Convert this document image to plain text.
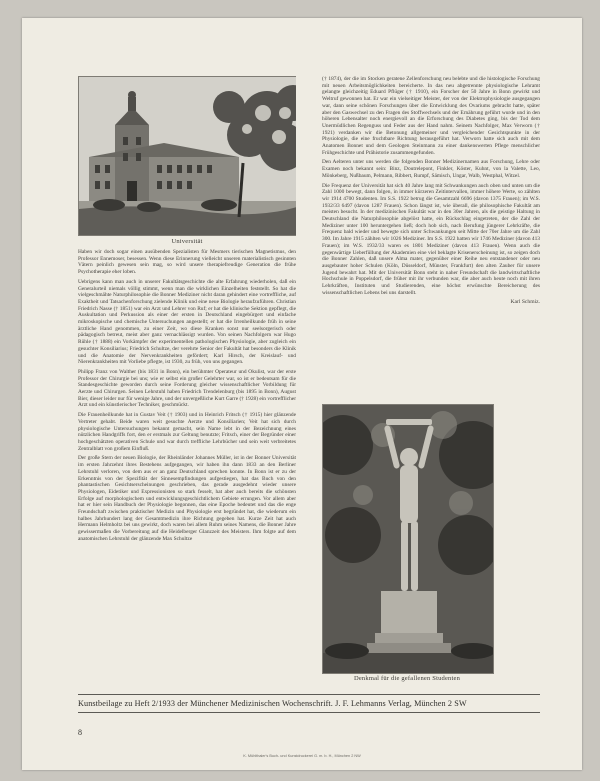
Universität

Haben wir doch sogar einen ausübenden Spezialisten für Mesmers tierischen Magnetismus, den Professor Ennemoser, besessen. Wenn diese Erinnerung vielleicht unseren materialistisch gesinnten Vätern peinlich gewesen sein mag, so wird unsere therapiefreudige Generation die frühe Psychotherapie eher loben.

Uebrigens kann man auch in unserer Fakultätsgeschichte die alte Erfahrung wiederholen, daß ein Generalurteil niemals völlig stimmt, wenn man die wirklichen Einzelheiten feststellt. So hat die vielgeschmähte Naturphilosophie die Bonner Mediziner nicht daran gehindert eine vortreffliche, auf Exaktheit und Tatsachenforschung zielende Klinik und eine neue Biologie heraufzuführen. Christian Friedrich Nasse († 1851) war ein Arzt und Lehrer von Ruf; er hat die klinische Sektion gepflegt, die Auskultation und Perkussion als einer der ersten in Deutschland eingebürgert und einfache mikroskopische und chemische Untersuchungen angestellt; er hat die Irrenheilkunde früh in seine ärztliche Hand genommen, zu einer Zeit, wo diese Kranken sonst nur seelsorgerisch oder pädagogisch betreut, meist aber ganz vernachlässigt wurden. Von seinen Nachfolgern war Hugo Rühle († 1888) ein Vorkämpfer der experimentellen pathologischen Physiologie, aber zugleich ein gesuchter Konsiliarius; Friedrich Schultze, der verehrte Senior der Fakultät hat besonders die Klinik und die Anatomie der Nervenkrankheiten gefördert; Karl Hirsch, der Kreislauf- und Nierenkrankheiten mit Vorliebe pflegte, ist 1930, zu früh, von uns gegangen.

Philipp Franz von Walther (bis 1831 in Bonn), ein berühmter Operateur und Okulist, war der erste Professor der Chirurgie bei uns; wie er selbst ein großer Gelehrter war, so ist er bedeutsam für die Standesgeschichte geworden durch seine Forderung gleicher wissenschaftlicher Vorbildung für Aerzte und Chirurgen. Seinen Lehrstuhl haben Friedrich Trendelenburg (bis 1895 in Bonn), August Bier, dieser leider nur für wenige Jahre, und der unvergeßliche Kurt Garre († 1928) ein vortrefflicher Arzt und ein künstlerischer Techniker, geschmückt.

Die Frauenheilkunde hat in Gustav Veit († 1903) und in Heinrich Fritsch († 1915) hier glänzende Vertreter gehabt. Beide waren weit gesuchte Aerzte und Konsiliarien; Veit hat sich durch physiologische Untersuchungen bekannt gemacht, sein Name lebt in der Bezeichnung eines nützlichen Handgriffs fort, den er erstmals zur Geltung benutzte; Fritsch, einer der Begründer einer hochgeschätzten operativen Schule und war durch treffliche Lehrbücher und sein weit verbreitetes Zentralblatt von großem Einfluß.

Der große Stern der neuen Biologie, der Rheinländer Johannes Müller, ist in der Bonner Universität im ersten Jahrzehnt ihres Bestehens aufgegangen, wir haben ihn dann 1833 an den Berliner Lehrstuhl verloren, von dem aus er an ganz Deutschland sprechen konnte. In Bonn ist er zu der Erkenntnis von der Spezifität der Sinnesempfindungen aufgestiegen, hat das Buch von den phantastischen Gesichtserscheinungen geschrieben, das gerade ausgedehnt wieder unsere Physiologen, Eidetiker und Expressionisten so stark fesselt, hat aber auch bereits die schönsten Erfolge auf morphologischem und entwicklungsgeschichtlichem Gebiete errungen. Vor allem aber hat er hier sein Handbuch der Physiologie begonnen, das eine Epoche bedeutet und das die enge Freundschaft zwischen praktischer Medizin und Physiologie erst begründet hat, die wiederum ein halbes Jahrhundert lang der Gesamtmedizin ihre Richtung gegeben hat. Kurze Zeit hat auch Hermann Helmholtz bei uns gewirkt, doch waren bei allem Ruhm seines Namens, die Bonner Jahre gewissermaßen die Vorbereitung auf die Heidelberger Glanzzeit des Meisters. Ihm folgte auf dem anatomischen Lehrstuhl der glänzende Max Schultze

(† 1874), der die im Stocken geratene Zellenforschung neu belebte und die histologische Forschung mit neuen Arbeitsmöglichkeiten bereicherte. In das neu abgetrennte physiologische Lehramt gelangte gleichzeitig Eduard Pflüger († 1910), ein Forscher der 50 Jahre in Bonn gewirkt und Weltruf gewonnen hat. Er war ein vielseitiger Meister, der von der Elektrophysiologie ausgegangen war, dann seine schönen Forschungen über die Entwicklung des Ovariums gebracht hatte, später aber den Gaswechsel zu den Fragen des Stoffwechsels und der Ernährung geführt wurde und in den höheren Lebensalter noch energievoll an die Erforschung des Diabetes ging, bis der Tod dem Unermüdlichen Regenguss und Feder aus der Hand nahm. Seinem Nachfolger, Max Verworn († 1921) verdanken wir die Betonung allgemeiner und vergleichender Gesichtspunkte in der Physiologie, die eine fruchtbare Richtung herausgeführt hat. Verworn hatte sich auch mit dem Anatomen Bonnet und dem Geologen Steinmann zu einer dankenswerten Pflege menschlicher Frühgeschichte und Prähistorie zusammengefunden.

Den Aelteren unter uns werden die folgenden Bonner Medizinernamen aus Forschung, Lehre oder Examen noch bekannt sein: Binz, Doutrelepont, Finkler, Köster, Kuhnt, von la Valette, Leo, Mönkeberg, Nußbaum, Pelmann, Ribbert, Rumpf, Sämisch, Ungar, Walb, Westphal, Witzel.

Die Frequenz der Universität hat sich 40 Jahre lang mit Schwankungen auch oben und unten um die Zahl 1000 bewegt, dann folgen, in immer kürzeren Zeitintervallen, immer höhere Werte, so zählten wir 1914 4700 Studenten. Im S.S. 1922 betrug die Gesamtzahl 6696 (davon 1375 Frauen); im W.S. 1932/33 6497 (davon 1287 Frauen). Schon längst ist, wie überall, die philosophische Fakultät am meisten besucht. In der medizinischen Fakultät war in den 30er Jahren, als die geistige Haltung in Deutschland die Naturphilosophie abgelöst hatte, ein Rückschlag eingetreten, der die Zahl der Mediziner unter 100 heruntergehen ließ; doch hob sich, nach Berufung jüngerer Lehrkräfte, die Frequenz bald wieder und bewegte sich unter Schwankungen seit Mitte der 70er Jahre um die Zahl 300. Im Jahre 1915 zählten wir 1026 Mediziner. Im S.S. 1922 hatten wir 1746 Mediziner (davon 413 Frauen); im W.S. 1932/33 waren es 1801 Mediziner (davon 413 Frauen). Wenn auch die gegenwärtige Ueberfüllung der Akademien eine viel beklagte Krisenerscheinung ist, so zeigen doch die Bonner Zahlen, daß unsere Alma mater, gegenüber einer Reihe neu entstandener oder neu ausgebauter hoher Schulen (Köln, Düsseldorf, Münster, Frankfurt) den alten Zauber für unsere Jugend bewahrt hat. Mit der Universität Bonn steht in naher Freundschaft die landwirtschaftliche Hochschule in Poppelsdorf, die früher mit ihr verbunden war, die aber auch heute noch mit ihren Lehrkräften, Instituten und Studierenden, eine höchst erwünschte Bereicherung des wissenschaftlichen Lebens bei uns darstellt.

Karl Schmiz.
Denkmal für die gefallenen Studenten
Kunstbeilage zu Heft 2/1933 der Münchener Medizinischen Wochenschrift. J. F. Lehmanns Verlag, München 2 SW
8
K. Mühlthaler's Buch- und Kunstdruckerei G. m. b. H., München 2 NW
